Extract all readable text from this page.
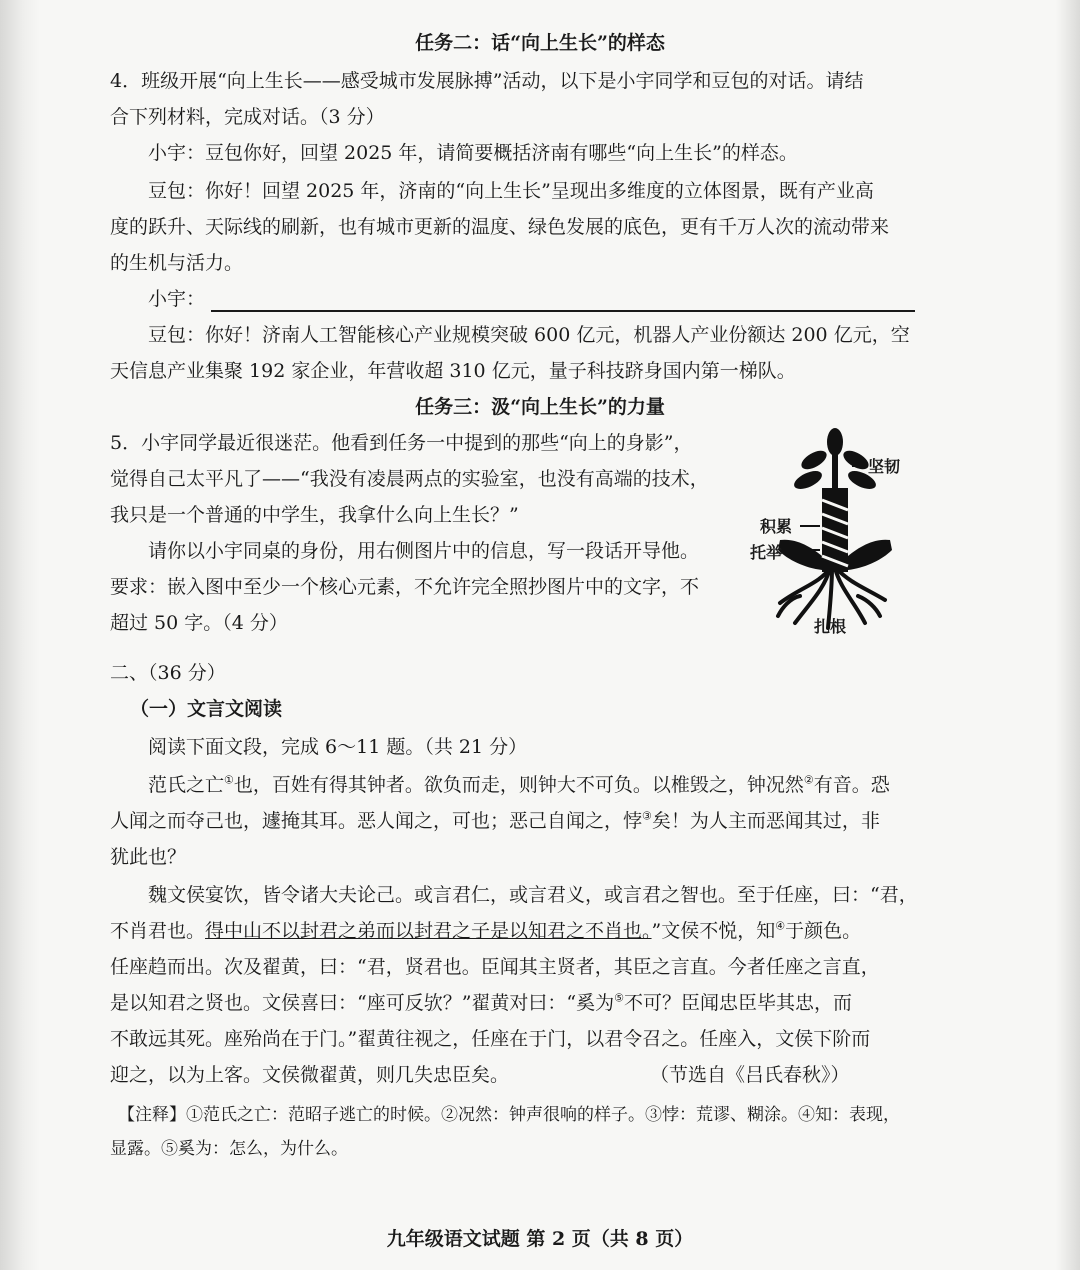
任务二：话“向上生长”的样态
4．班级开展“向上生长——感受城市发展脉搏”活动，以下是小宇同学和豆包的对话。请结
合下列材料，完成对话。（3 分）
小宇：豆包你好，回望 2025 年，请简要概括济南有哪些“向上生长”的样态。
豆包：你好！回望 2025 年，济南的“向上生长”呈现出多维度的立体图景，既有产业高
度的跃升、天际线的刷新，也有城市更新的温度、绿色发展的底色，更有千万人次的流动带来
的生机与活力。
小宇：
豆包：你好！济南人工智能核心产业规模突破 600 亿元，机器人产业份额达 200 亿元，空
天信息产业集聚 192 家企业，年营收超 310 亿元，量子科技跻身国内第一梯队。
任务三：汲“向上生长”的力量
5．小宇同学最近很迷茫。他看到任务一中提到的那些“向上的身影”，
觉得自己太平凡了——“我没有凌晨两点的实验室，也没有高端的技术，
我只是一个普通的中学生，我拿什么向上生长？”
请你以小宇同桌的身份，用右侧图片中的信息，写一段话开导他。
要求：嵌入图中至少一个核心元素，不允许完全照抄图片中的文字，不
超过 50 字。（4 分）
坚韧
积累
托举
扎根
二、（36 分）
（一）文言文阅读
阅读下面文段，完成 6～11 题。（共 21 分）
范氏之亡①也，百姓有得其钟者。欲负而走，则钟大不可负。以椎毁之，钟况然②有音。恐
人闻之而夺己也，遽掩其耳。恶人闻之，可也；恶己自闻之，悖③矣！为人主而恶闻其过，非
犹此也？
魏文侯宴饮，皆令诸大夫论己。或言君仁，或言君义，或言君之智也。至于任座，曰：“君，
不肖君也。得中山不以封君之弟而以封君之子是以知君之不肖也。”文侯不悦，知④于颜色。
任座趋而出。次及翟黄，曰：“君，贤君也。臣闻其主贤者，其臣之言直。今者任座之言直，
是以知君之贤也。文侯喜曰：“座可反欤？”翟黄对曰：“奚为⑤不可？臣闻忠臣毕其忠，而
不敢远其死。座殆尚在于门。”翟黄往视之，任座在于门，以君令召之。任座入，文侯下阶而
迎之，以为上客。文侯微翟黄，则几失忠臣矣。	（节选自《吕氏春秋》）
【注释】①范氏之亡：范昭子逃亡的时候。②况然：钟声很响的样子。③悖：荒谬、糊涂。④知：表现，
显露。⑤奚为：怎么，为什么。
九年级语文试题 第 2 页（共 8 页）
